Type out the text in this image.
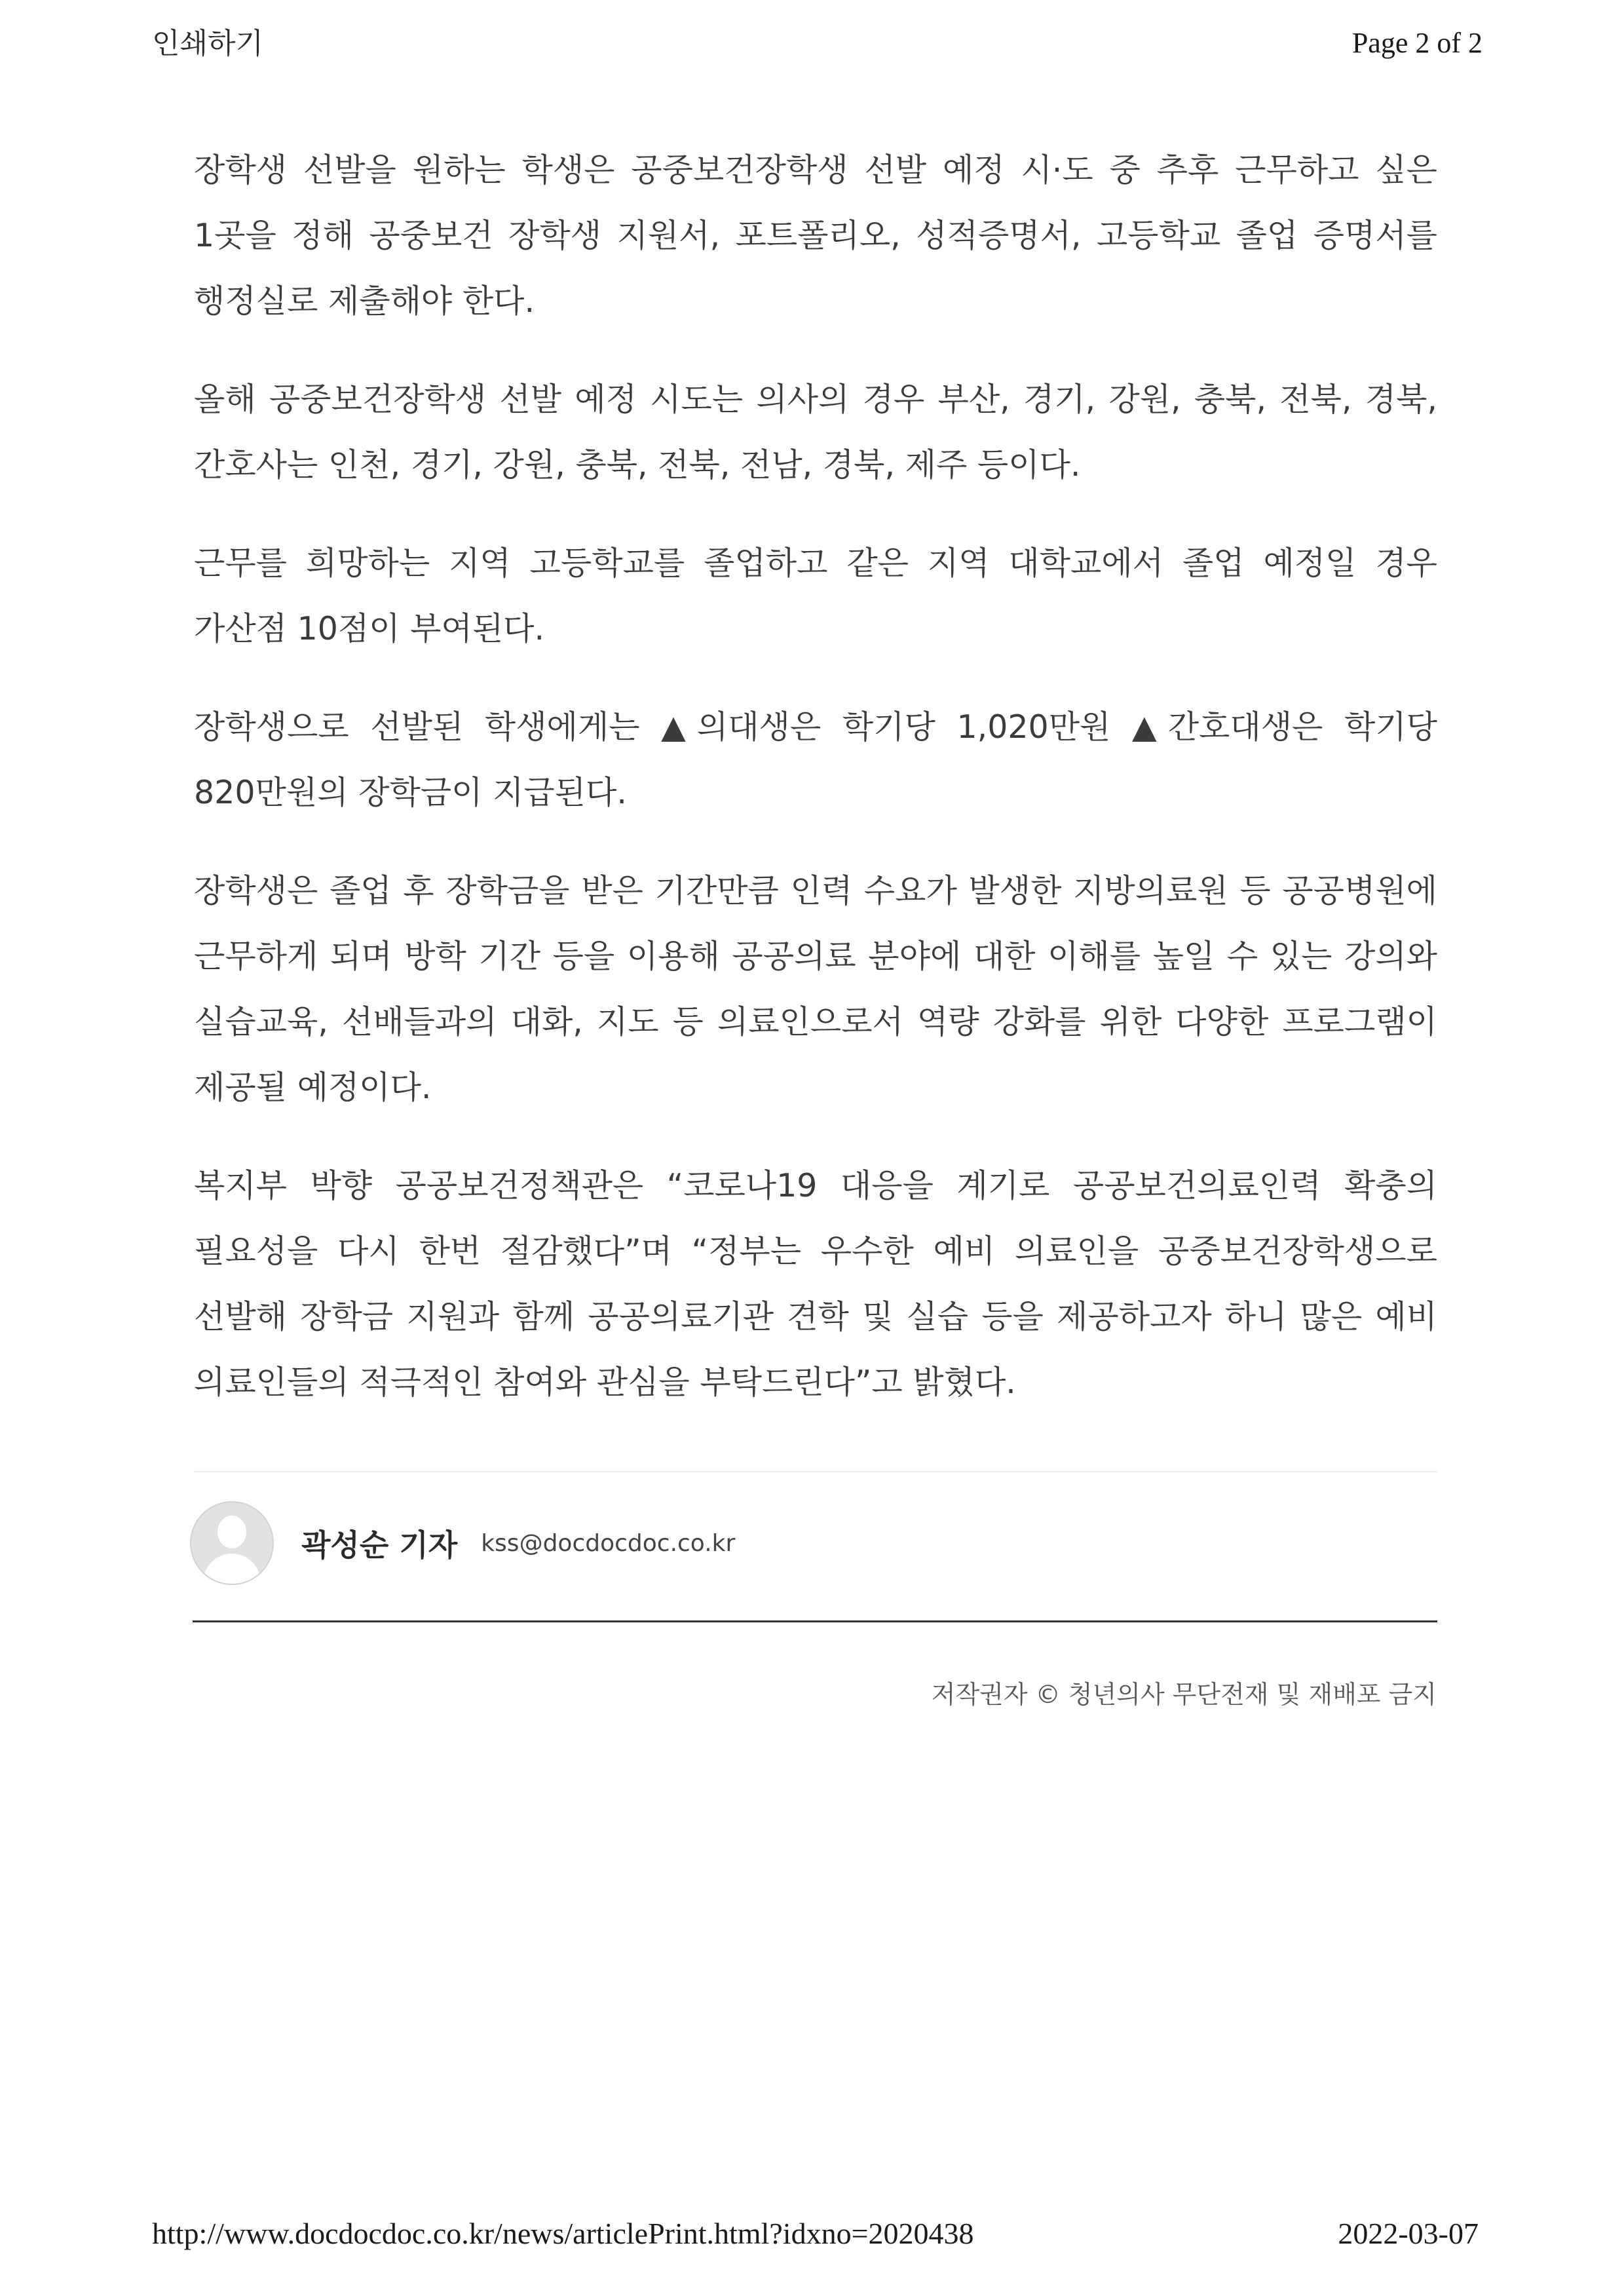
인쇄하기	Page 2 of 2

장학생 선발을 원하는 학생은 공중보건장학생 선발 예정 시·도 중 추후 근무하고 싶은 1곳을 정해 공중보건 장학생 지원서, 포트폴리오, 성적증명서, 고등학교 졸업 증명서를 행정실로 제출해야 한다.

올해 공중보건장학생 선발 예정 시도는 의사의 경우 부산, 경기, 강원, 충북, 전북, 경북, 간호사는 인천, 경기, 강원, 충북, 전북, 전남, 경북, 제주 등이다.

근무를 희망하는 지역 고등학교를 졸업하고 같은 지역 대학교에서 졸업 예정일 경우 가산점 10점이 부여된다.

장학생으로 선발된 학생에게는 ▲의대생은 학기당 1,020만원 ▲간호대생은 학기당 820만원의 장학금이 지급된다.

장학생은 졸업 후 장학금을 받은 기간만큼 인력 수요가 발생한 지방의료원 등 공공병원에 근무하게 되며 방학 기간 등을 이용해 공공의료 분야에 대한 이해를 높일 수 있는 강의와 실습교육, 선배들과의 대화, 지도 등 의료인으로서 역량 강화를 위한 다양한 프로그램이 제공될 예정이다.

복지부 박향 공공보건정책관은 “코로나19 대응을 계기로 공공보건의료인력 확충의 필요성을 다시 한번 절감했다”며 “정부는 우수한 예비 의료인을 공중보건장학생으로 선발해 장학금 지원과 함께 공공의료기관 견학 및 실습 등을 제공하고자 하니 많은 예비 의료인들의 적극적인 참여와 관심을 부탁드린다”고 밝혔다.

곽성순 기자 kss@docdocdoc.co.kr
저작권자 © 청년의사 무단전재 및 재배포 금지
http://www.docdocdoc.co.kr/news/articlePrint.html?idxno=2020438	2022-03-07
